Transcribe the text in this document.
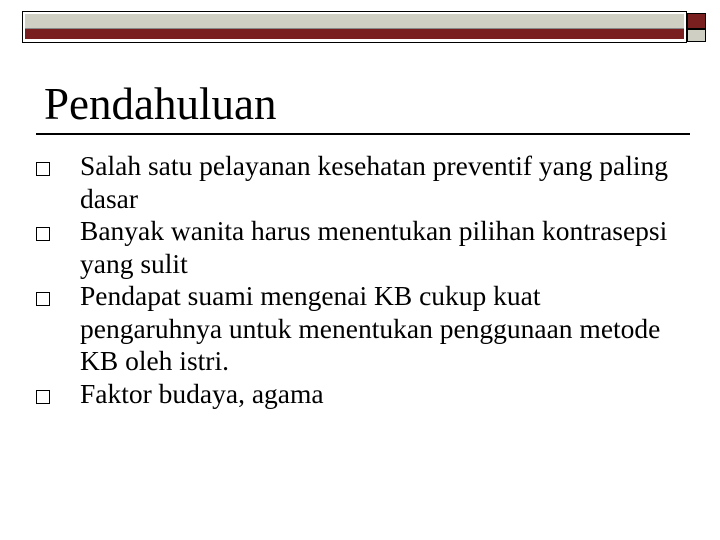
Pendahuluan
Salah satu pelayanan kesehatan preventif yang paling dasar
Banyak wanita harus menentukan pilihan kontrasepsi yang sulit
Pendapat suami mengenai KB cukup kuat pengaruhnya untuk menentukan penggunaan metode KB oleh istri.
Faktor budaya, agama
